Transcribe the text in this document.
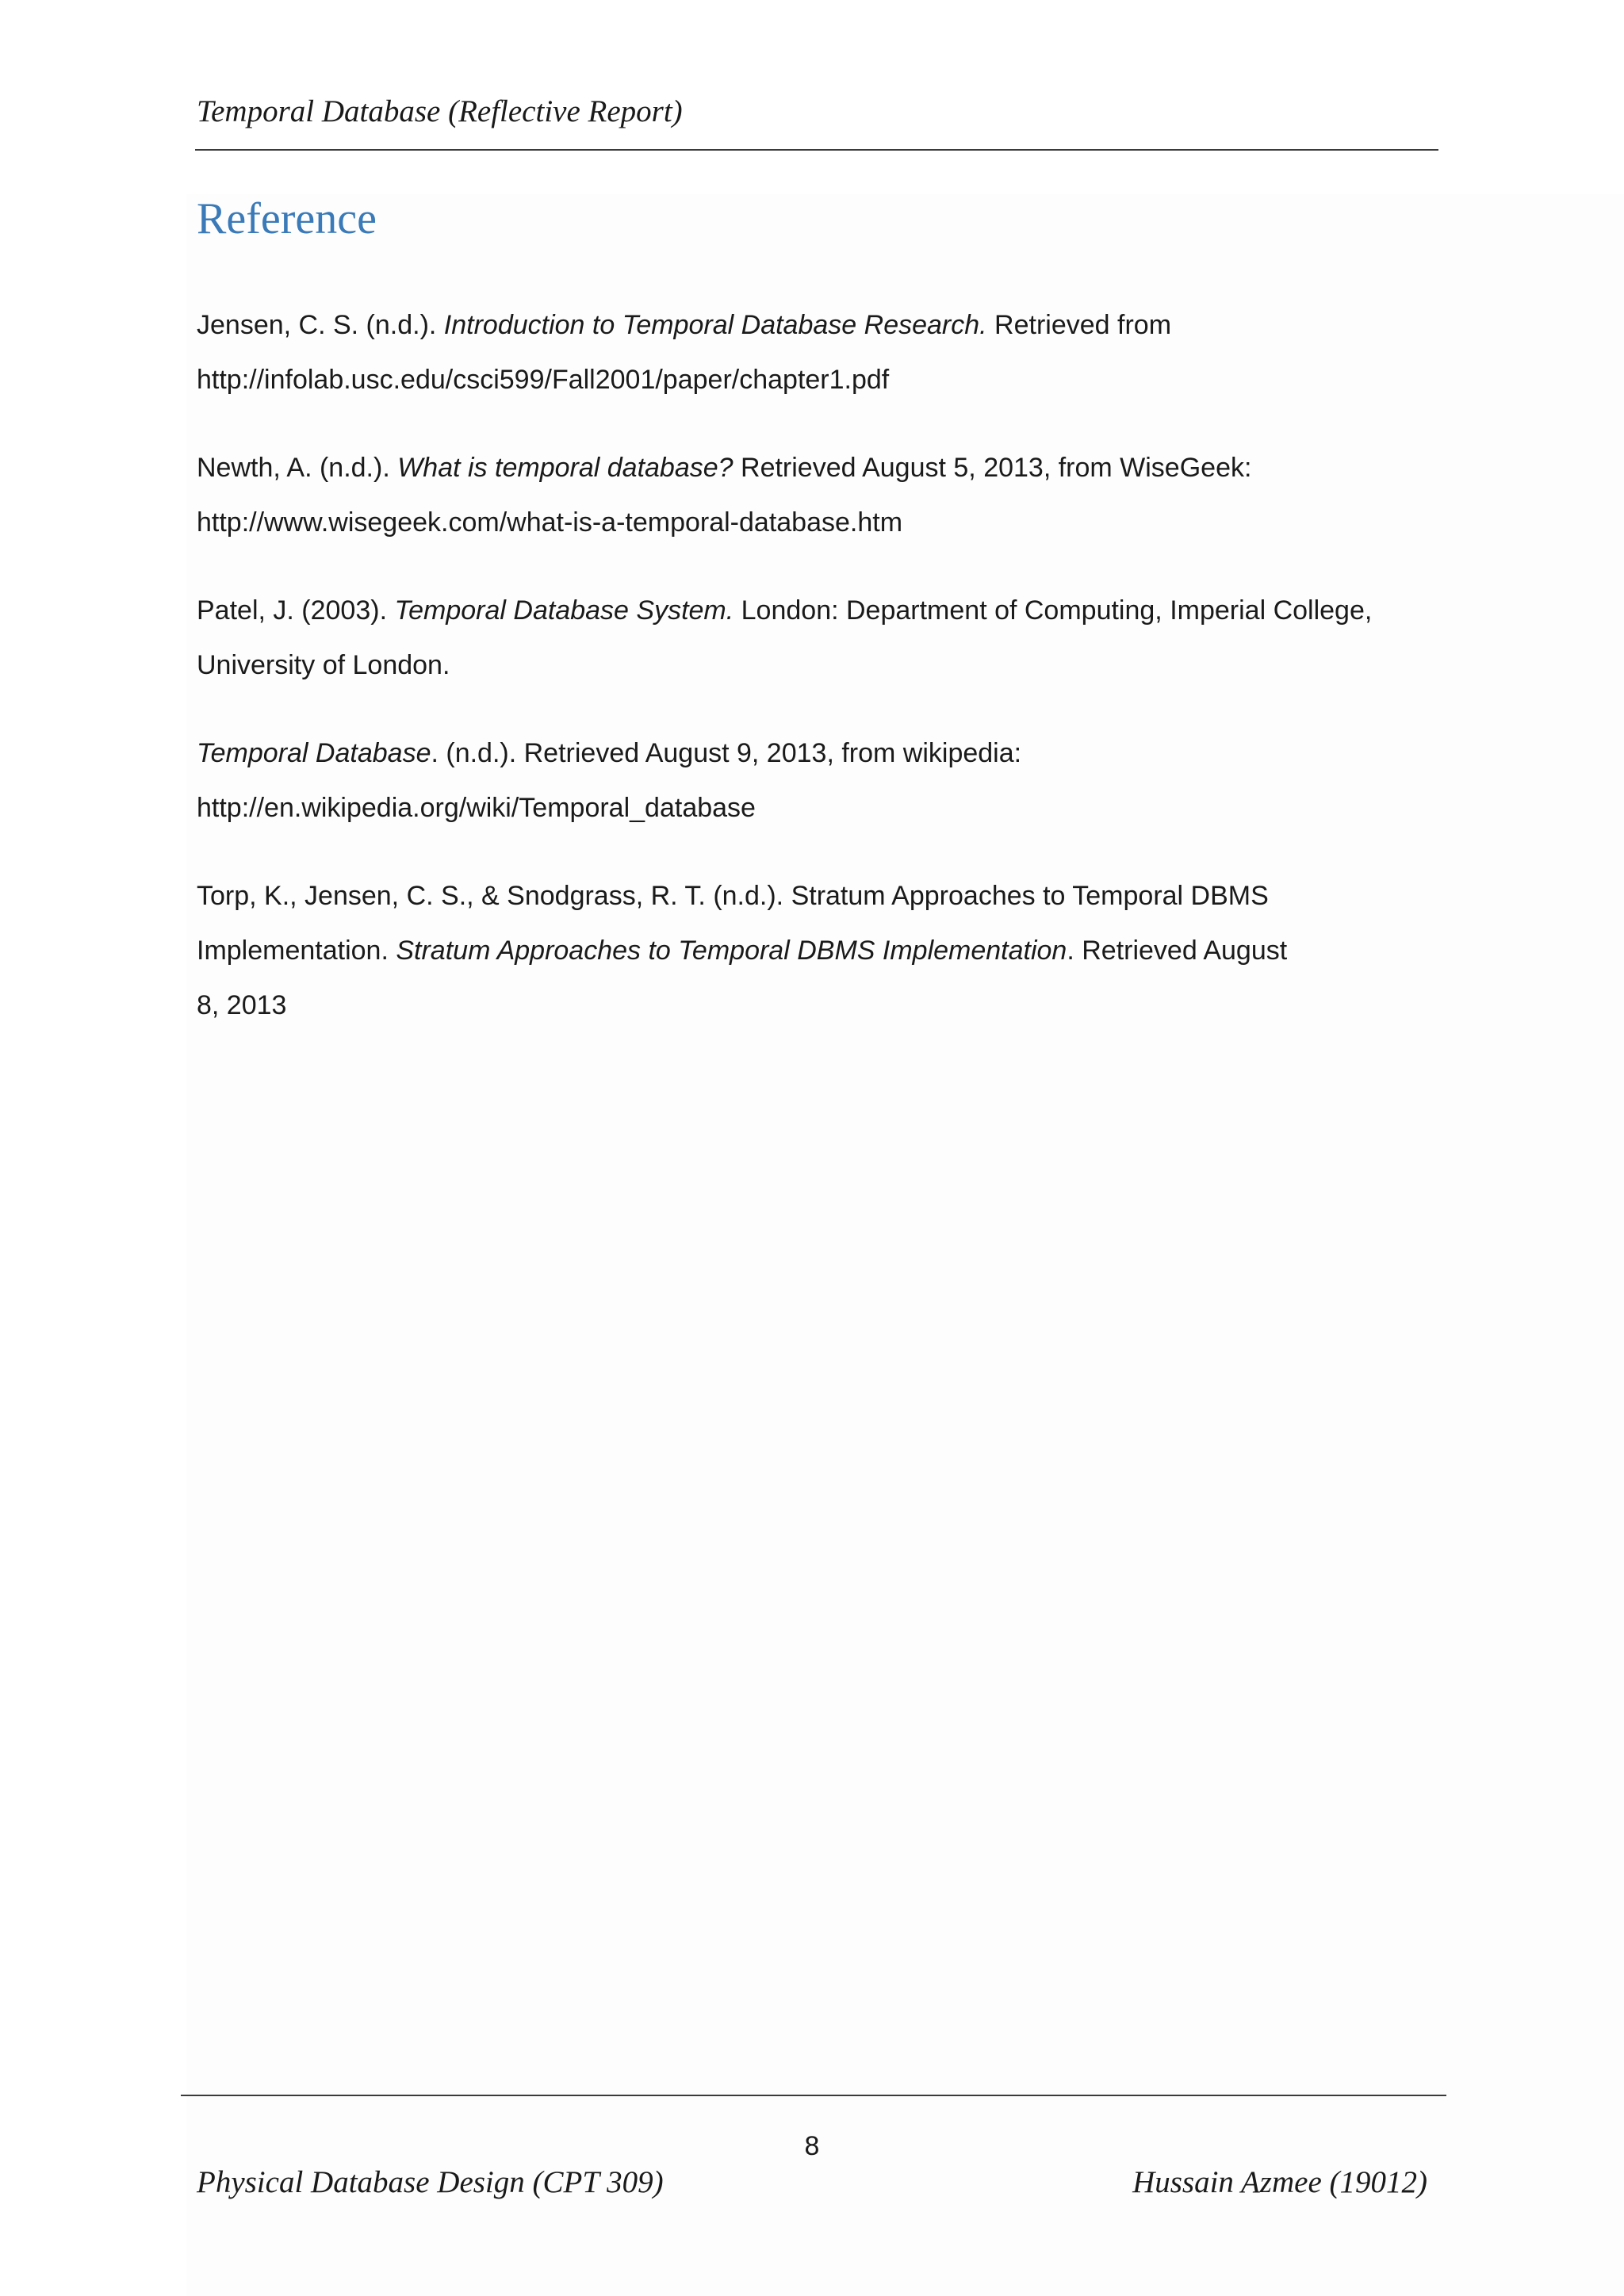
Temporal Database (Reflective Report)
Reference
Jensen, C. S. (n.d.). Introduction to Temporal Database Research. Retrieved from
http://infolab.usc.edu/csci599/Fall2001/paper/chapter1.pdf
Newth, A. (n.d.). What is temporal database? Retrieved August 5, 2013, from WiseGeek:
http://www.wisegeek.com/what-is-a-temporal-database.htm
Patel, J. (2003). Temporal Database System. London: Department of Computing, Imperial College,
University of London.
Temporal Database. (n.d.). Retrieved August 9, 2013, from wikipedia:
http://en.wikipedia.org/wiki/Temporal_database
Torp, K., Jensen, C. S., & Snodgrass, R. T. (n.d.). Stratum Approaches to Temporal DBMS
Implementation. Stratum Approaches to Temporal DBMS Implementation. Retrieved August
8, 2013
8
Physical Database Design (CPT 309)	Hussain Azmee (19012)
